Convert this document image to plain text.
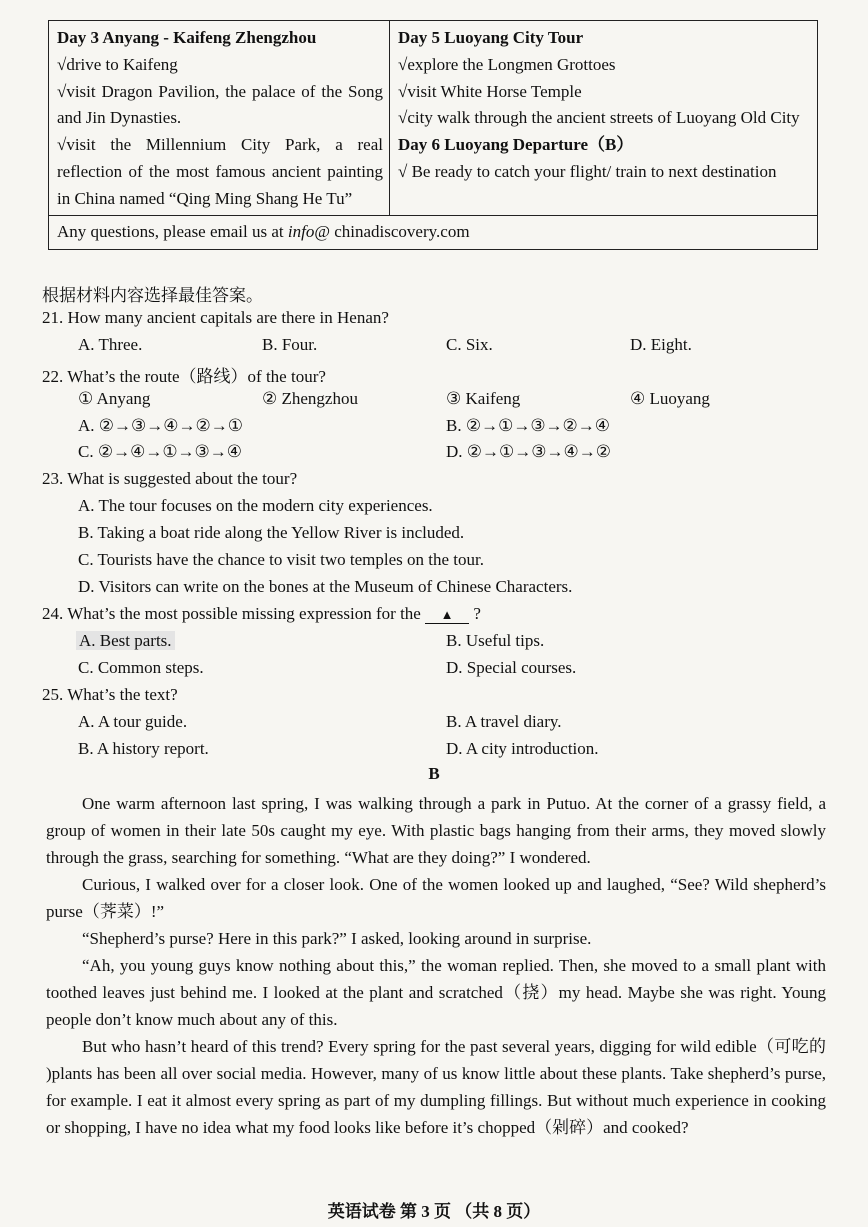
Day 3 Anyang - Kaifeng Zhengzhou
√drive to Kaifeng
√visit Dragon Pavilion, the palace of the Song and Jin Dynasties.
√visit the Millennium City Park, a real reflection of the most famous ancient painting in China named “Qing Ming Shang He Tu”

Day 5 Luoyang City Tour
√explore the Longmen Grottoes
√visit White Horse Temple
√city walk through the ancient streets of Luoyang Old City
Day 6 Luoyang Departure（B）
√ Be ready to catch your flight/ train to next destination

Any questions, please email us at info@ chinadiscovery.com
根据材料内容选择最佳答案。
21. How many ancient capitals are there in Henan?
A. Three.	B. Four.	C. Six.	D. Eight.
22. What’s the route（路线）of the tour?
① Anyang	② Zhengzhou	③ Kaifeng	④ Luoyang
A. ②→③→④→②→①	B. ②→①→③→②→④
C. ②→④→①→③→④	D. ②→①→③→④→②
23. What is suggested about the tour?
A. The tour focuses on the modern city experiences.
B. Taking a boat ride along the Yellow River is included.
C. Tourists have the chance to visit two temples on the tour.
D. Visitors can write on the bones at the Museum of Chinese Characters.
24. What’s the most possible missing expression for the ▲ ?
A. Best parts.	B. Useful tips.
C. Common steps.	D. Special courses.
25. What’s the text?
A. A tour guide.	B. A travel diary.
B. A history report.	D. A city introduction.
B
One warm afternoon last spring, I was walking through a park in Putuo. At the corner of a grassy field, a group of women in their late 50s caught my eye. With plastic bags hanging from their arms, they moved slowly through the grass, searching for something. “What are they doing?” I wondered.
Curious, I walked over for a closer look. One of the women looked up and laughed, “See? Wild shepherd’s purse（荠菜）!”
“Shepherd’s purse? Here in this park?” I asked, looking around in surprise.
“Ah, you young guys know nothing about this,” the woman replied. Then, she moved to a small plant with toothed leaves just behind me. I looked at the plant and scratched（挠）my head. Maybe she was right. Young people don’t know much about any of this.
But who hasn’t heard of this trend? Every spring for the past several years, digging for wild edible（可吃的 )plants has been all over social media. However, many of us know little about these plants. Take shepherd’s purse, for example. I eat it almost every spring as part of my dumpling fillings. But without much experience in cooking or shopping, I have no idea what my food looks like before it’s chopped（剁碎）and cooked?
英语试卷 第 3 页 （共 8 页）
